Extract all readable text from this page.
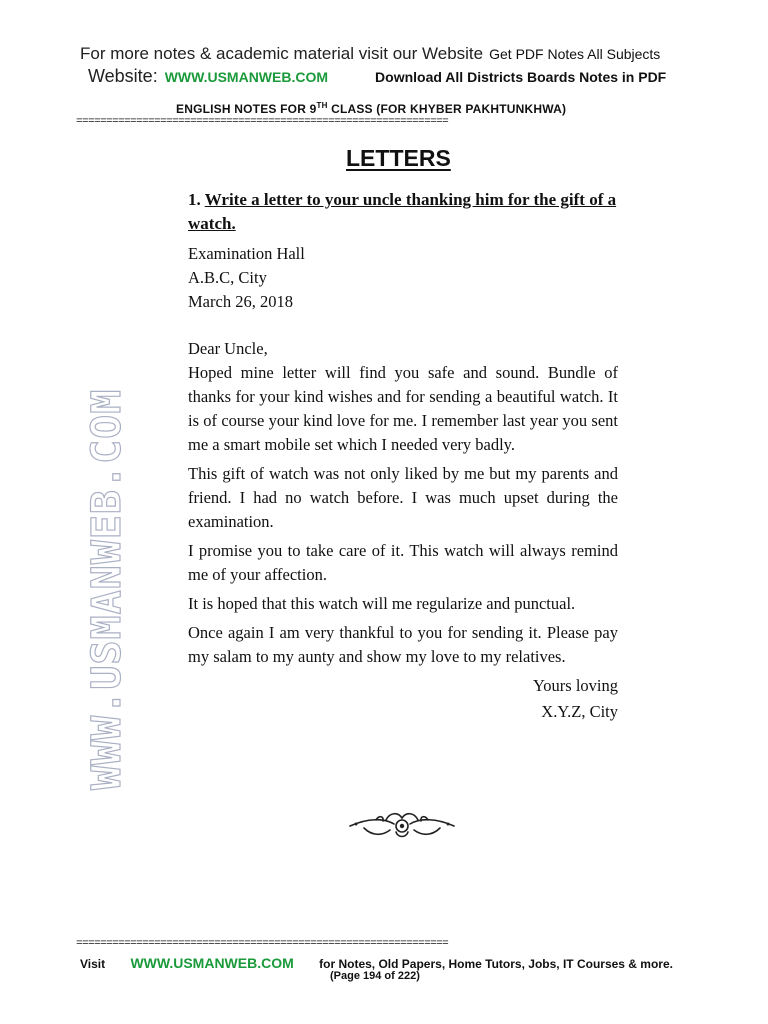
For more notes & academic material visit our Website Get PDF Notes All Subjects
Website: WWW.USMANWEB.COM	Download All Districts Boards Notes in PDF
ENGLISH NOTES FOR 9TH CLASS (FOR KHYBER PAKHTUNKHWA)
==============================================================
LETTERS
1. Write a letter to your uncle thanking him for the gift of a watch.

Examination Hall
A.B.C, City
March 26, 2018

Dear Uncle,

Hoped mine letter will find you safe and sound. Bundle of thanks for your kind wishes and for sending a beautiful watch. It is of course your kind love for me. I remember last year you sent me a smart mobile set which I needed very badly.

This gift of watch was not only liked by me but my parents and friend. I had no watch before. I was much upset during the examination.

I promise you to take care of it. This watch will always remind me of your affection.

It is hoped that this watch will me regularize and punctual.

Once again I am very thankful to you for sending it. Please pay my salam to my aunty and show my love to my relatives.

Yours loving

X.Y.Z, City

WWW.USMANWEB.COM
==============================================================
Visit WWW.USMANWEB.COM for Notes, Old Papers, Home Tutors, Jobs, IT Courses & more.
(Page 194 of 222)
